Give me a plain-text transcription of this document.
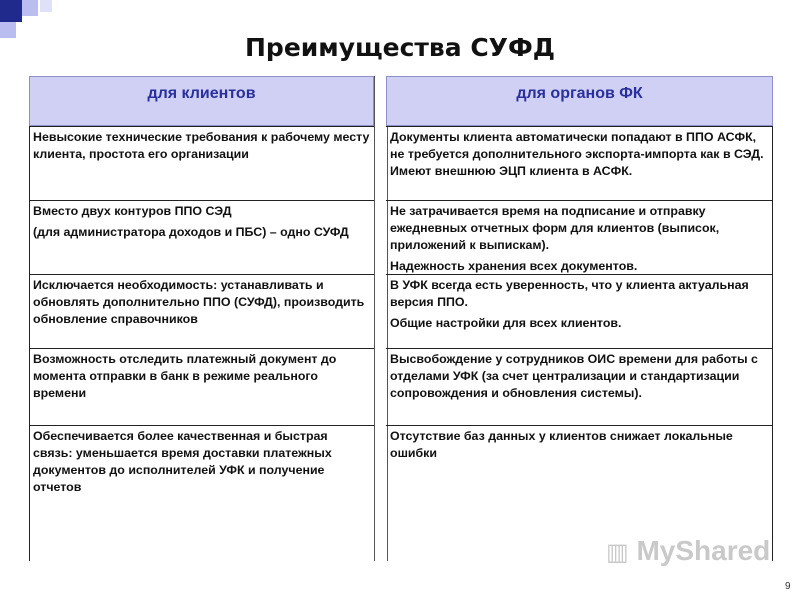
Преимущества СУФД
для клиентов	для органов ФК

Невысокие технические требования к рабочему месту клиента, простота его организации

Документы клиента автоматически попадают в ППО АСФК, не требуется дополнительного экспорта-импорта как в СЭД. Имеют внешнюю ЭЦП клиента в АСФК.

Вместо двух контуров ППО СЭД

(для администратора доходов и ПБС) – одно СУФД

Не затрачивается время на подписание и отправку ежедневных отчетных форм для клиентов (выписок, приложений к выпискам).

Надежность хранения всех документов.

Исключается необходимость: устанавливать и обновлять дополнительно ППО (СУФД), производить обновление справочников

В УФК всегда есть уверенность, что у клиента актуальная версия ППО.

Общие настройки для всех клиентов.

Возможность отследить платежный документ до момента отправки в банк в режиме реального времени

Высвобождение у сотрудников ОИС времени для работы с отделами УФК (за счет централизации и стандартизации сопровождения и обновления системы).

Обеспечивается более качественная и быстрая связь: уменьшается время доставки платежных документов до исполнителей УФК и получение отчетов

Отсутствие баз данных у клиентов снижает локальные ошибки

▥ MyShared
9
